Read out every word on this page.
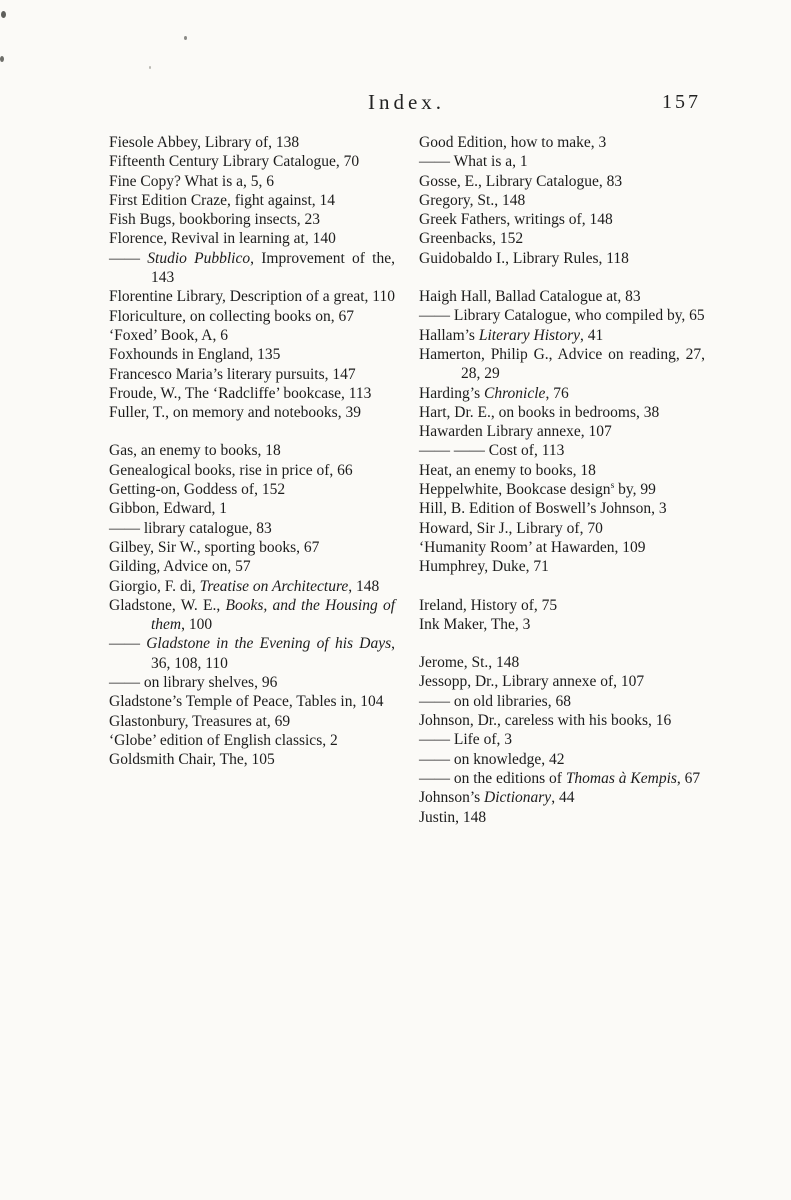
Index.	157

Fiesole Abbey, Library of, 138

Fifteenth Century Library Catalogue, 70

Fine Copy? What is a, 5, 6

First Edition Craze, fight against, 14

Fish Bugs, bookboring insects, 23

Florence, Revival in learning at, 140

—— Studio Pubblico, Improvement of the, 143

Florentine Library, Description of a great, 110

Floriculture, on collecting books on, 67

‘Foxed’ Book, A, 6

Foxhounds in England, 135

Francesco Maria’s literary pursuits, 147

Froude, W., The ‘Radcliffe’ bookcase, 113

Fuller, T., on memory and notebooks, 39

Gas, an enemy to books, 18

Genealogical books, rise in price of, 66

Getting-on, Goddess of, 152

Gibbon, Edward, 1

—— library catalogue, 83

Gilbey, Sir W., sporting books, 67

Gilding, Advice on, 57

Giorgio, F. di, Treatise on Architecture, 148

Gladstone, W. E., Books, and the Housing of them, 100

—— Gladstone in the Evening of his Days, 36, 108, 110

—— on library shelves, 96

Gladstone’s Temple of Peace, Tables in, 104

Glastonbury, Treasures at, 69

‘Globe’ edition of English classics, 2

Goldsmith Chair, The, 105

Good Edition, how to make, 3

—— What is a, 1

Gosse, E., Library Catalogue, 83

Gregory, St., 148

Greek Fathers, writings of, 148

Greenbacks, 152

Guidobaldo I., Library Rules, 118

Haigh Hall, Ballad Catalogue at, 83

—— Library Catalogue, who compiled by, 65

Hallam’s Literary History, 41

Hamerton, Philip G., Advice on reading, 27, 28, 29

Harding’s Chronicle, 76

Hart, Dr. E., on books in bedrooms, 38

Hawarden Library annexe, 107

—— —— Cost of, 113

Heat, an enemy to books, 18

Heppelwhite, Bookcase design$^s$ by, 99

Hill, B. Edition of Boswell’s Johnson, 3

Howard, Sir J., Library of, 70

‘Humanity Room’ at Hawarden, 109

Humphrey, Duke, 71

Ireland, History of, 75

Ink Maker, The, 3

Jerome, St., 148

Jessopp, Dr., Library annexe of, 107

—— on old libraries, 68

Johnson, Dr., careless with his books, 16

—— Life of, 3

—— on knowledge, 42

—— on the editions of Thomas à Kempis, 67

Johnson’s Dictionary, 44

Justin, 148
